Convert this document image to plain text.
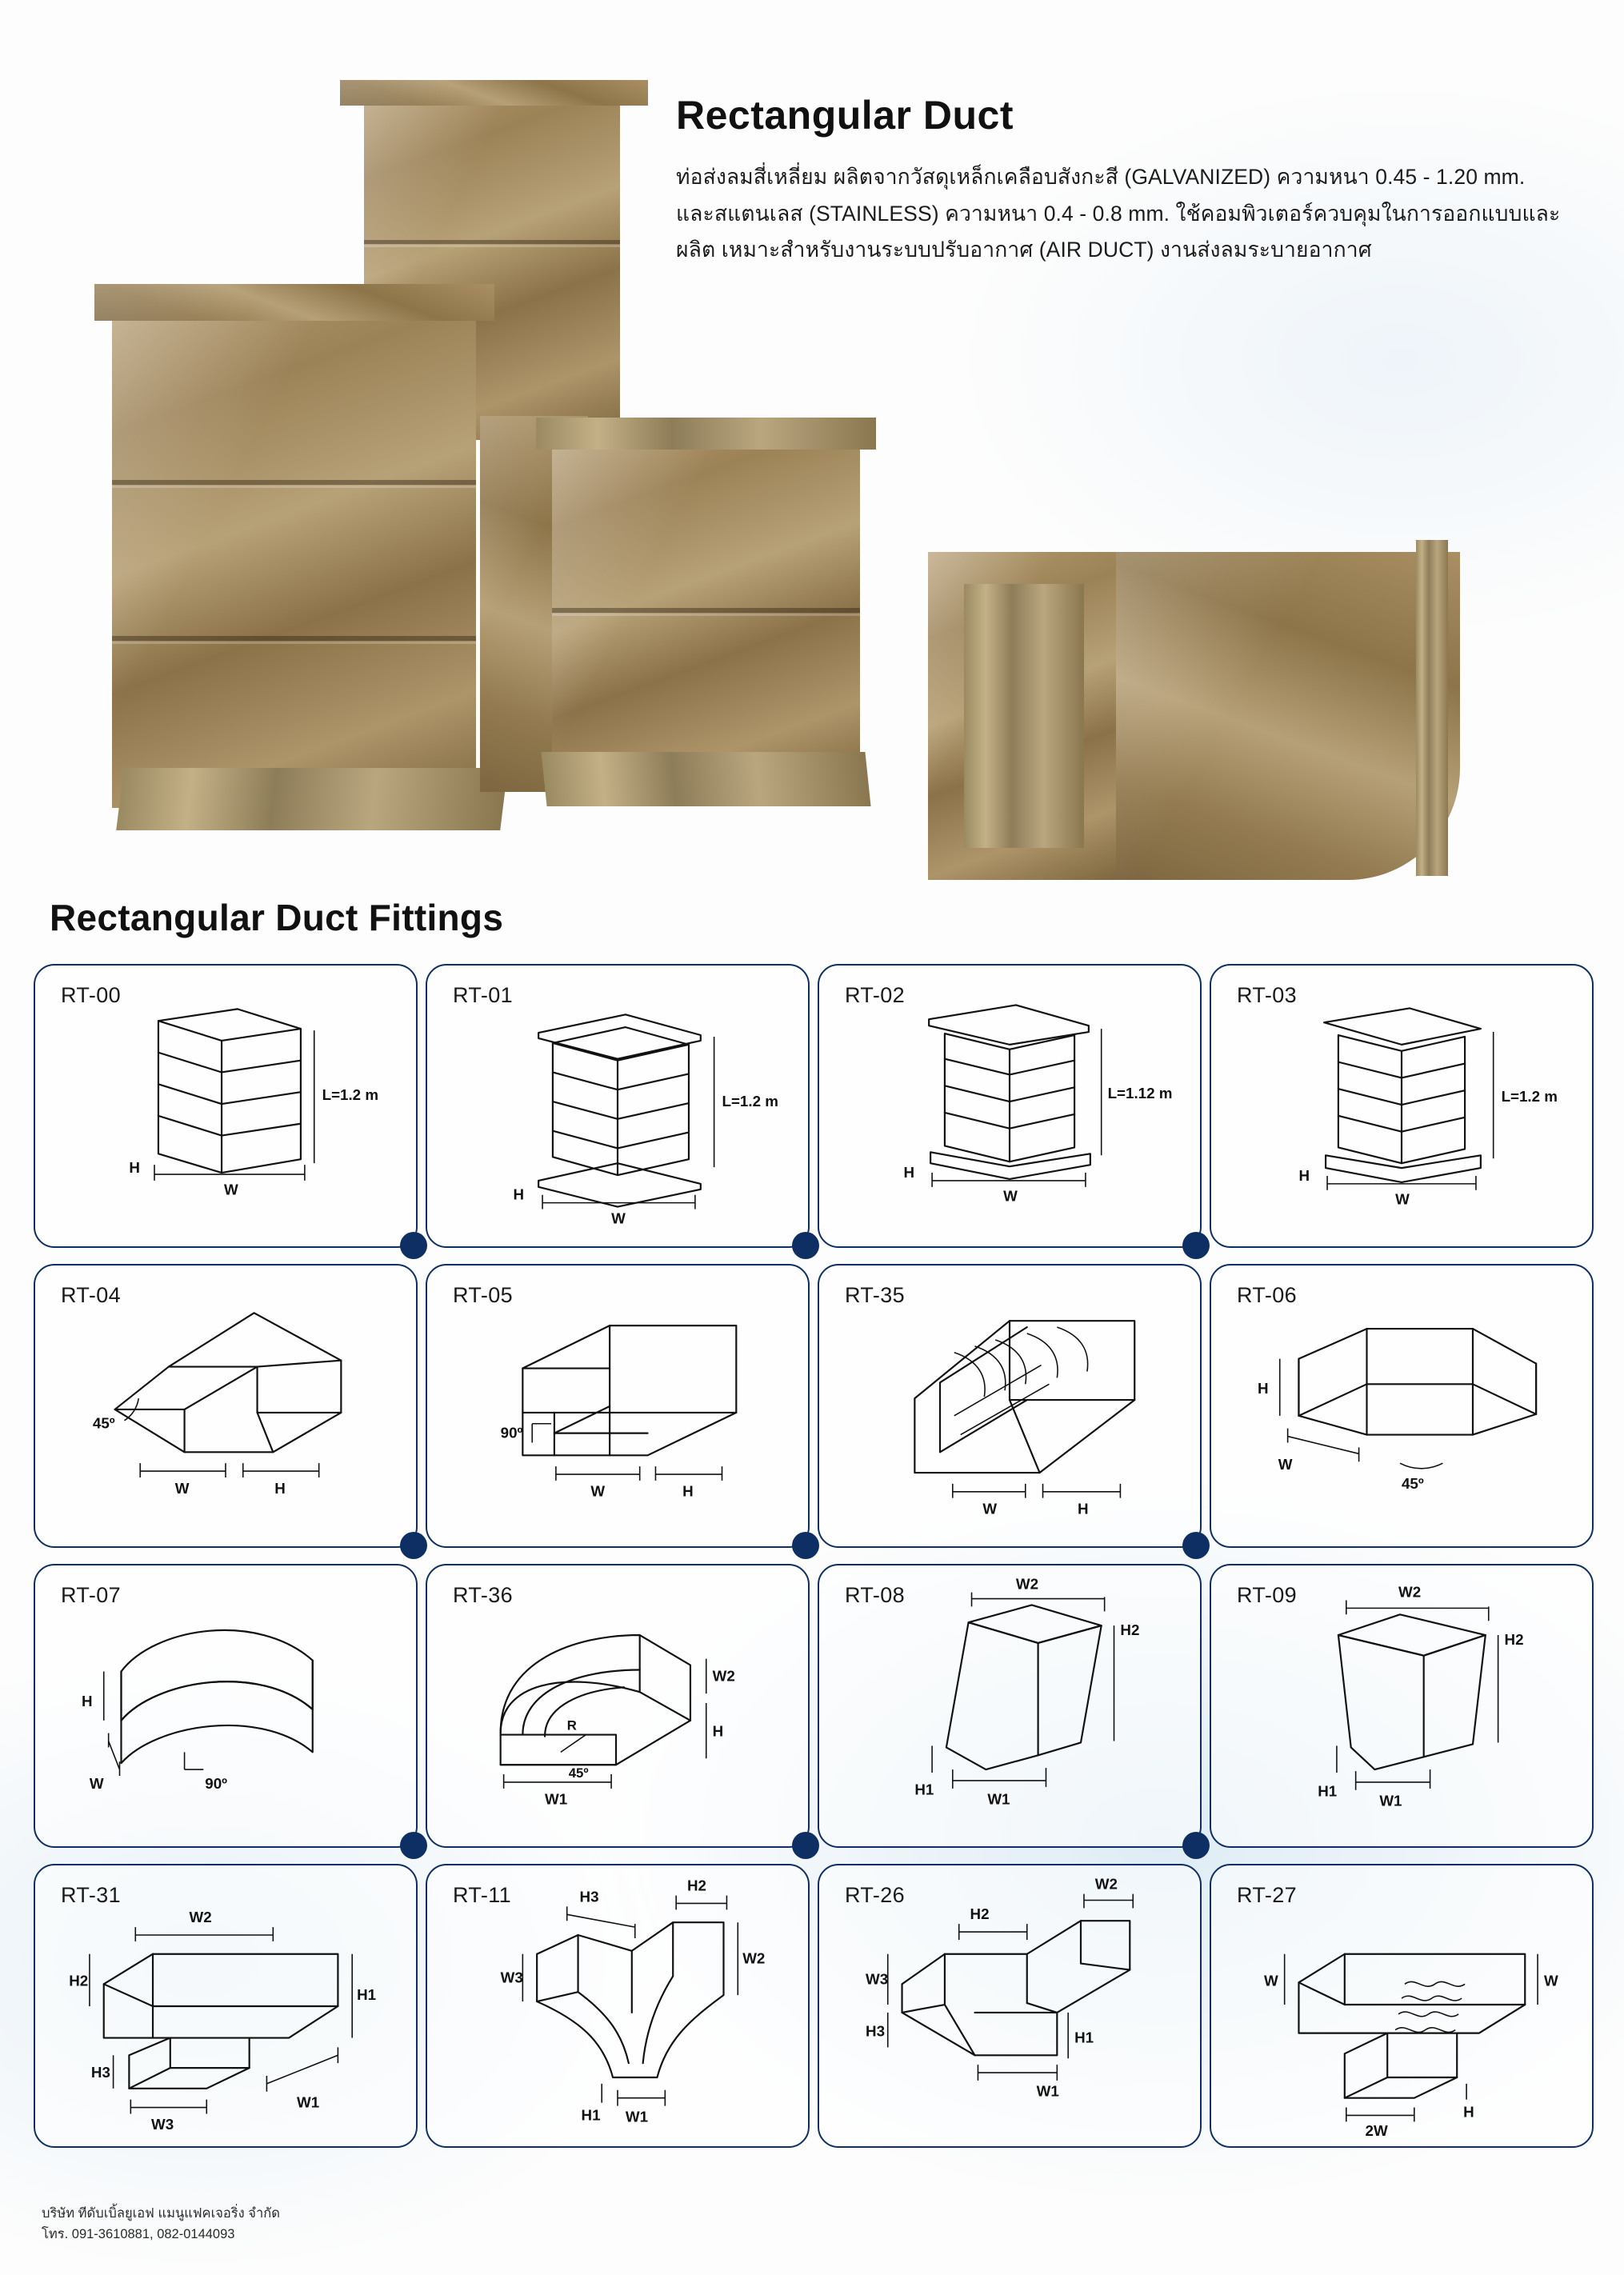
Rectangular Duct

ท่อส่งลมสี่เหลี่ยม ผลิตจากวัสดุเหล็กเคลือบสังกะสี (GALVANIZED) ความหนา 0.45 - 1.20 mm. และสแตนเลส (STAINLESS) ความหนา 0.4 - 0.8 mm. ใช้คอมพิวเตอร์ควบคุมในการออกแบบและผลิต เหมาะสำหรับงานระบบปรับอากาศ (AIR DUCT) งานส่งลมระบายอากาศ

Rectangular Duct Fittings
RT-00
L=1.2 m
H
W
RT-01
L=1.2 m
H
W
RT-02
L=1.12 m
H
W
RT-03
L=1.2 m
H
W
RT-04
45º
W	H
RT-05
90º
W	H
RT-35
W	H
RT-06
H
W
45º
RT-07
H
W	90º
RT-36
W2
H
W1
R
45º
RT-08	W2
H2
H1
W1
RT-09	W2
H2
H1
W1
RT-31
W2
H2
H3
W3
H1
W1
RT-11	H3
H2
W3
W2
H1 W1
RT-26
H2
W2
W3
H3	H1
W1
RT-27
W	W
2W
H
บริษัท ทีดับเบิ้ลยูเอฟ แมนูแฟคเจอริ่ง จำกัด
โทร. 091-3610881, 082-0144093
